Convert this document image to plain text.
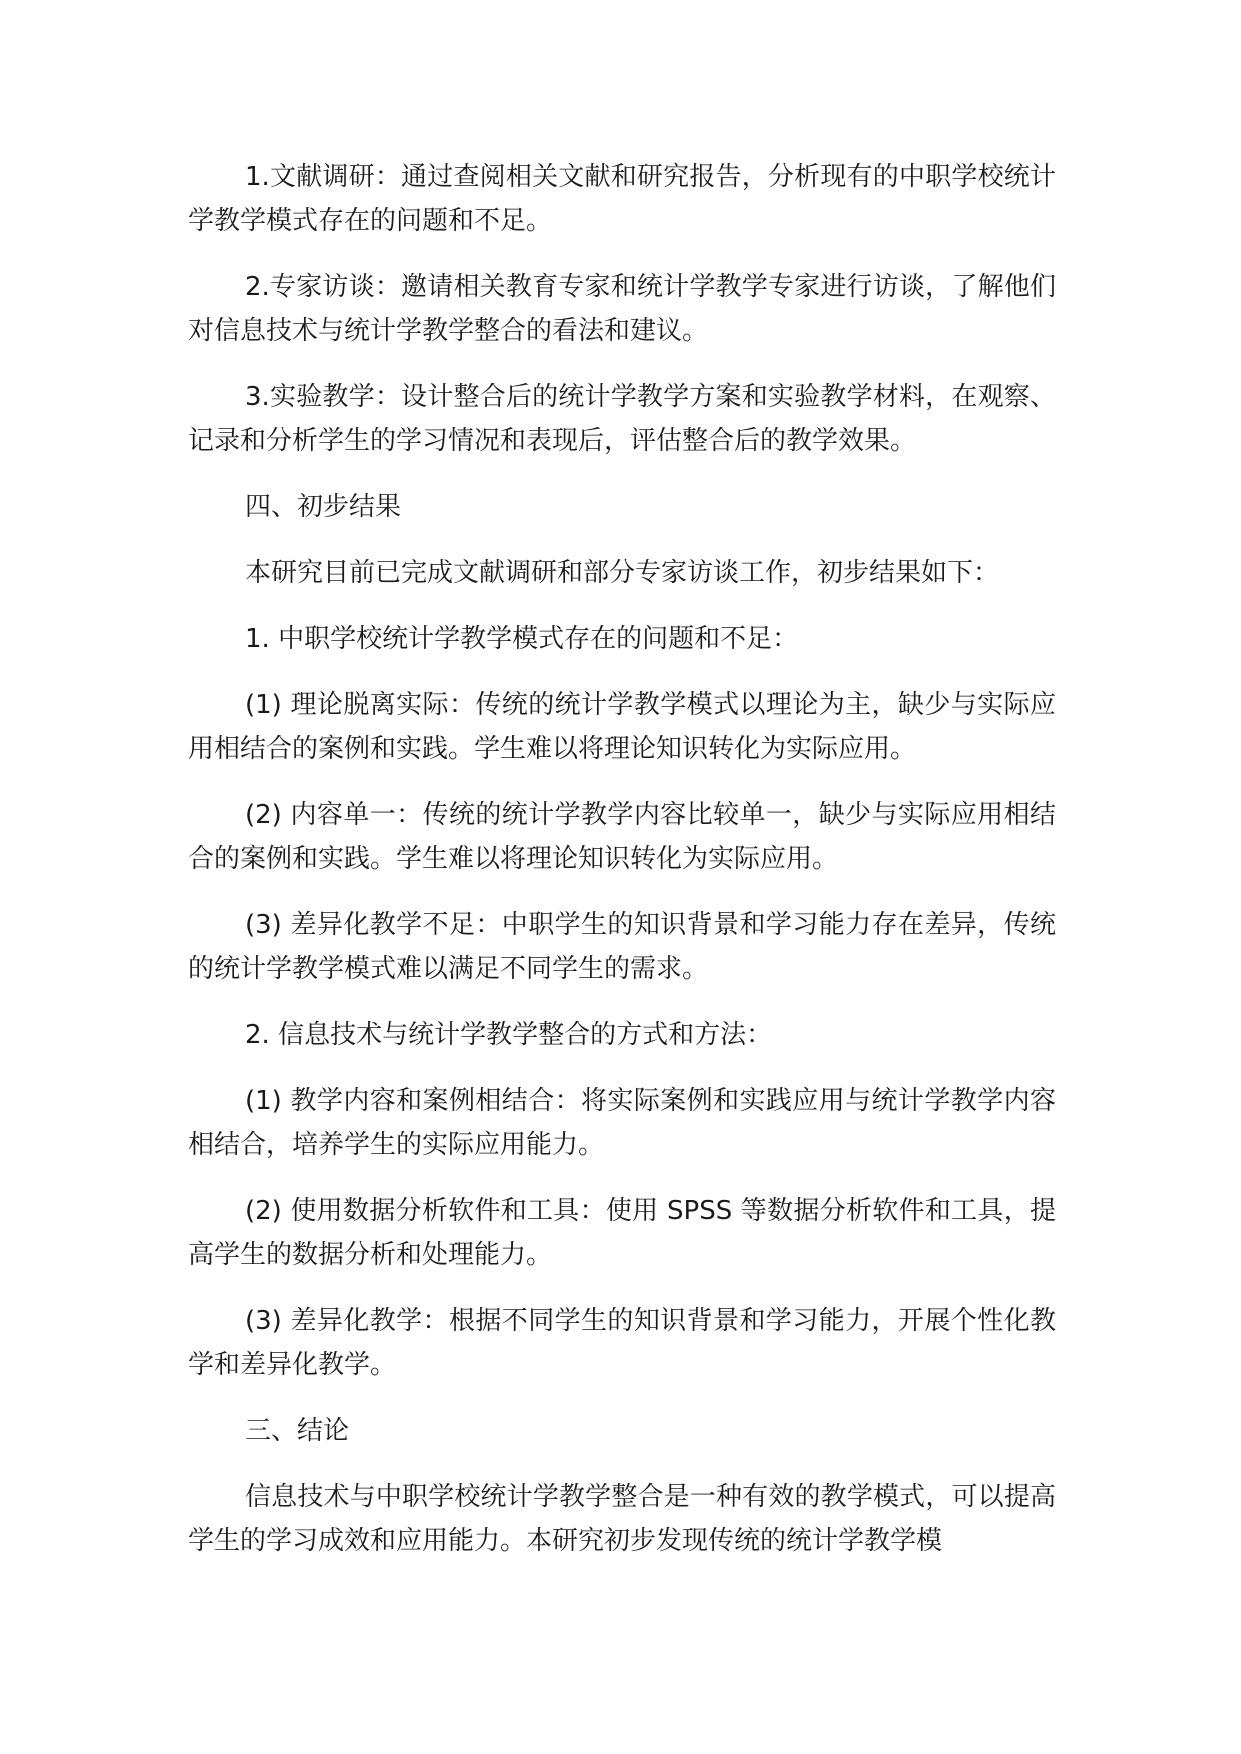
1.文献调研：通过查阅相关文献和研究报告，分析现有的中职学校统计学教学模式存在的问题和不足。

2.专家访谈：邀请相关教育专家和统计学教学专家进行访谈，了解他们对信息技术与统计学教学整合的看法和建议。

3.实验教学：设计整合后的统计学教学方案和实验教学材料，在观察、记录和分析学生的学习情况和表现后，评估整合后的教学效果。

四、初步结果

本研究目前已完成文献调研和部分专家访谈工作，初步结果如下：

1. 中职学校统计学教学模式存在的问题和不足：

(1) 理论脱离实际：传统的统计学教学模式以理论为主，缺少与实际应用相结合的案例和实践。学生难以将理论知识转化为实际应用。

(2) 内容单一：传统的统计学教学内容比较单一，缺少与实际应用相结合的案例和实践。学生难以将理论知识转化为实际应用。

(3) 差异化教学不足：中职学生的知识背景和学习能力存在差异，传统的统计学教学模式难以满足不同学生的需求。

2. 信息技术与统计学教学整合的方式和方法：

(1) 教学内容和案例相结合：将实际案例和实践应用与统计学教学内容相结合，培养学生的实际应用能力。

(2) 使用数据分析软件和工具：使用 SPSS 等数据分析软件和工具，提高学生的数据分析和处理能力。

(3) 差异化教学：根据不同学生的知识背景和学习能力，开展个性化教学和差异化教学。

三、结论

信息技术与中职学校统计学教学整合是一种有效的教学模式，可以提高学生的学习成效和应用能力。本研究初步发现传统的统计学教学模
